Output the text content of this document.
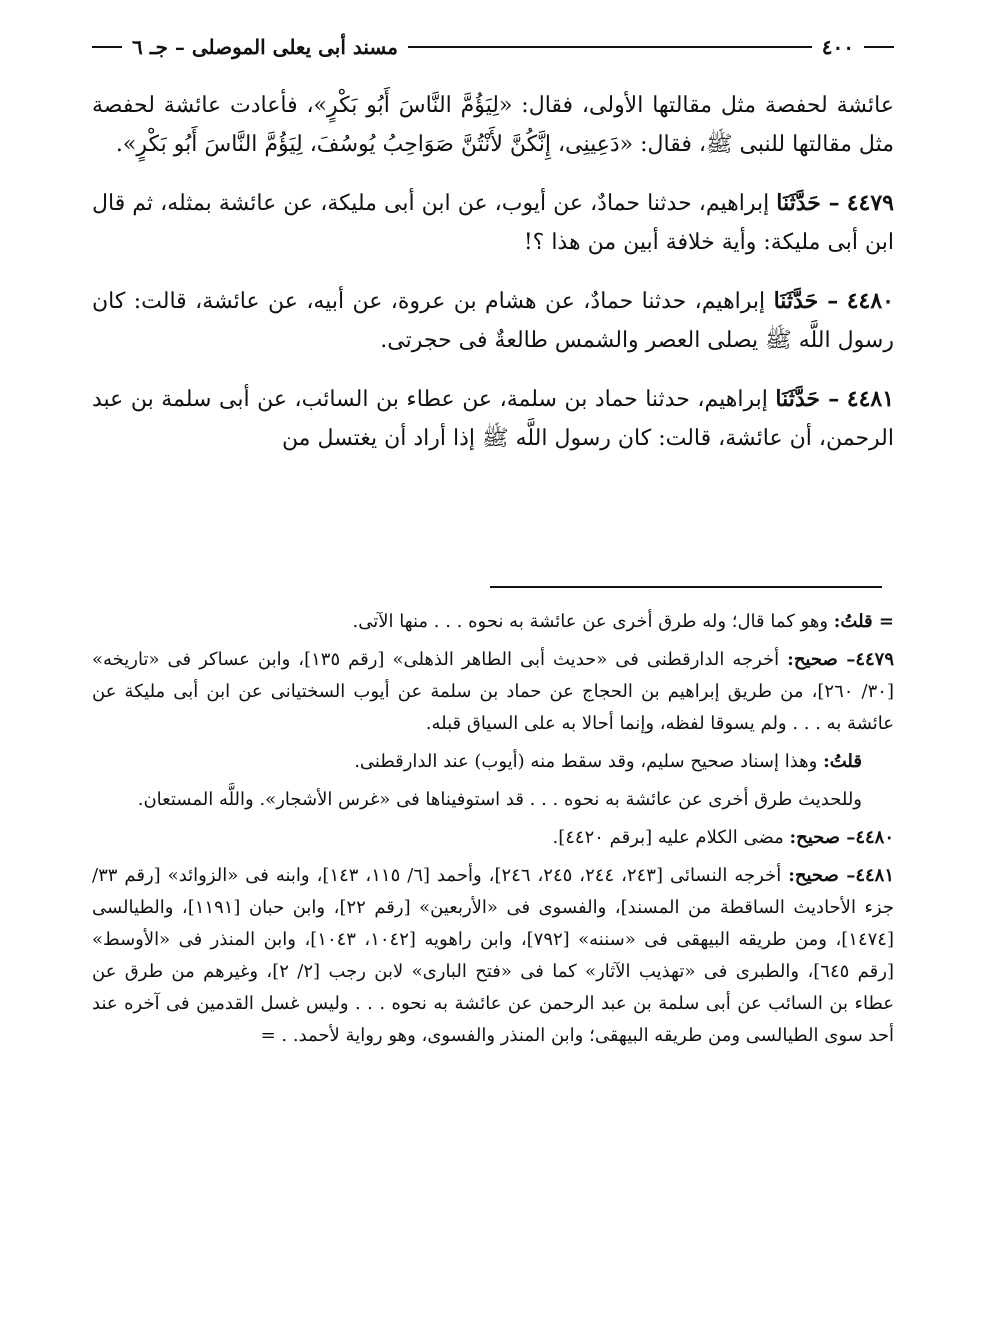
٤٠٠
مسند أبى يعلى الموصلى – جـ ٦

عائشة لحفصة مثل مقالتها الأولى، فقال: «لِيَؤُمَّ النَّاسَ أَبُو بَكْرٍ»، فأعادت عائشة لحفصة مثل مقالتها للنبى ﷺ، فقال: «دَعِينِى، إِنَّكُنَّ لأَنْتُنَّ صَوَاحِبُ يُوسُفَ، لِيَؤُمَّ النَّاسَ أَبُو بَكْرٍ».

٤٤٧٩ – حَدَّثَنَا إبراهيم، حدثنا حمادٌ، عن أيوب، عن ابن أبى مليكة، عن عائشة بمثله، ثم قال ابن أبى مليكة: وأية خلافة أبين من هذا ؟!

٤٤٨٠ – حَدَّثَنَا إبراهيم، حدثنا حمادٌ، عن هشام بن عروة، عن أبيه، عن عائشة، قالت: كان رسول اللَّه ﷺ يصلى العصر والشمس طالعةٌ فى حجرتى.

٤٤٨١ – حَدَّثَنَا إبراهيم، حدثنا حماد بن سلمة، عن عطاء بن السائب، عن أبى سلمة بن عبد الرحمن، أن عائشة، قالت: كان رسول اللَّه ﷺ إذا أراد أن يغتسل من

= قلتُ: وهو كما قال؛ وله طرق أخرى عن عائشة به نحوه . . . منها الآتى.

٤٤٧٩– صحيح: أخرجه الدارقطنى فى «حديث أبى الطاهر الذهلى» [رقم ١٣٥]، وابن عساكر فى «تاريخه» [٣٠/ ٢٦٠]، من طريق إبراهيم بن الحجاج عن حماد بن سلمة عن أيوب السختيانى عن ابن أبى مليكة عن عائشة به . . . ولم يسوقا لفظه، وإنما أحالا به على السياق قبله.

قلتُ: وهذا إسناد صحيح سليم، وقد سقط منه (أيوب) عند الدارقطنى.

وللحديث طرق أخرى عن عائشة به نحوه . . . قد استوفيناها فى «غرس الأشجار». واللَّه المستعان.

٤٤٨٠– صحيح: مضى الكلام عليه [برقم ٤٤٢٠].

٤٤٨١– صحيح: أخرجه النسائى [٢٤٣، ٢٤٤، ٢٤٥، ٢٤٦]، وأحمد [٦/ ١١٥، ١٤٣]، وابنه فى «الزوائد» [رقم ٣٣/ جزء الأحاديث الساقطة من المسند]، والفسوى فى «الأربعين» [رقم ٢٢]، وابن حبان [١١٩١]، والطيالسى [١٤٧٤]، ومن طريقه البيهقى فى «سننه» [٧٩٢]، وابن راهويه [١٠٤٢، ١٠٤٣]، وابن المنذر فى «الأوسط» [رقم ٦٤٥]، والطبرى فى «تهذيب الآثار» كما فى «فتح البارى» لابن رجب [٢/ ٢]، وغيرهم من طرق عن عطاء بن السائب عن أبى سلمة بن عبد الرحمن عن عائشة به نحوه . . . وليس غسل القدمين فى آخره عند أحد سوى الطيالسى ومن طريقه البيهقى؛ وابن المنذر والفسوى، وهو رواية لأحمد. . =
